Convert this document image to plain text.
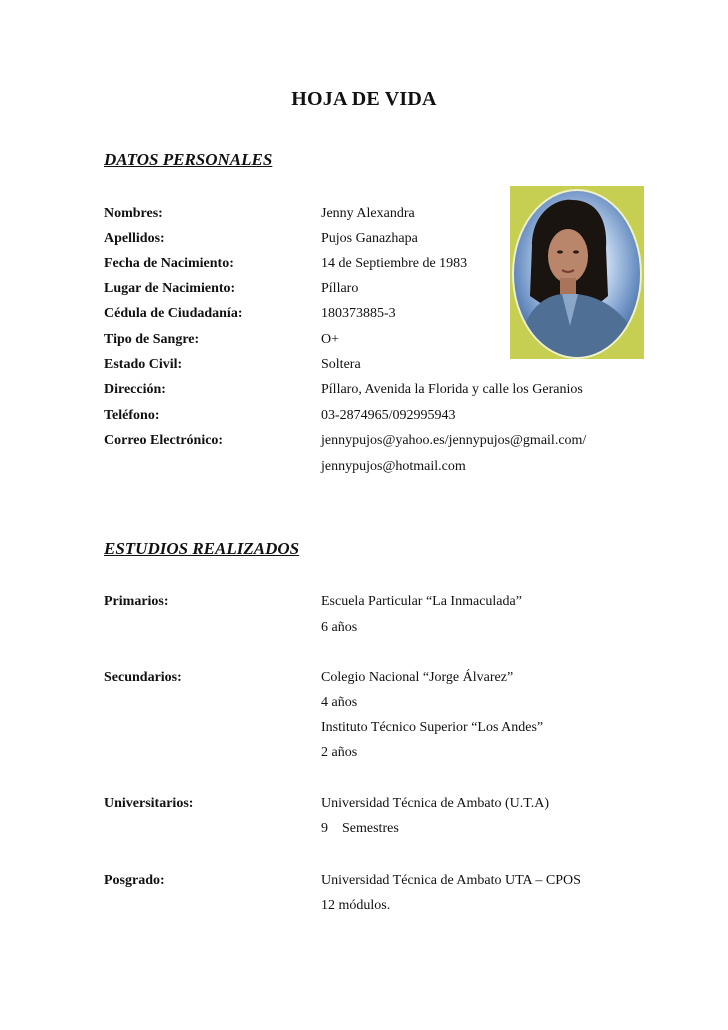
HOJA DE VIDA
DATOS PERSONALES
Nombres:	Jenny Alexandra
Apellidos:	Pujos Ganazhapa
Fecha de Nacimiento:	14 de Septiembre de 1983
Lugar de Nacimiento:	Píllaro
Cédula de Ciudadanía:	180373885-3
Tipo de Sangre:	O+
Estado Civil:	Soltera
Dirección:	Píllaro, Avenida la Florida y calle los Geranios
Teléfono:	03-2874965/092995943
Correo Electrónico:	jennypujos@yahoo.es/jennypujos@gmail.com/
jennypujos@hotmail.com
ESTUDIOS REALIZADOS
Primarios:	Escuela Particular “La Inmaculada”
6 años
Secundarios:	Colegio Nacional “Jorge Álvarez”
4 años
Instituto Técnico Superior “Los Andes”
2 años
Universitarios:	Universidad Técnica de Ambato (U.T.A)
9    Semestres
Posgrado:	Universidad Técnica de Ambato UTA – CPOS
12 módulos.
